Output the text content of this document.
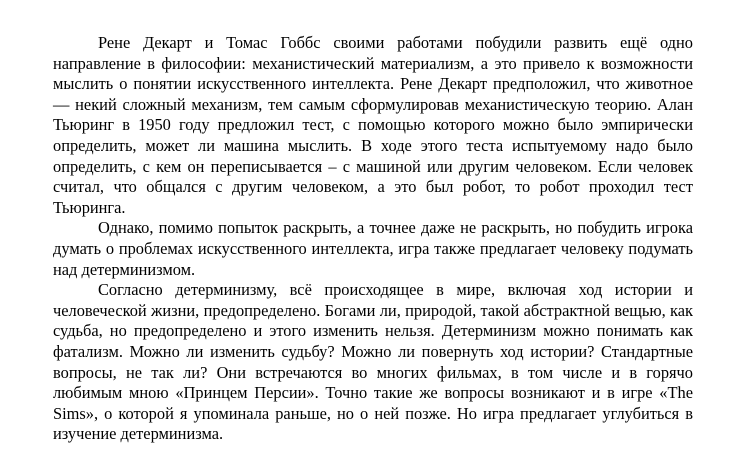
Рене Декарт и Томас Гоббс своими работами побудили развить ещё одно направление в философии: механистический материализм, а это привело к возможности мыслить о понятии искусственного интеллекта. Рене Декарт предположил, что животное — некий сложный механизм, тем самым сформулировав механистическую теорию. Алан Тьюринг в 1950 году предложил тест, с помощью которого можно было эмпирически определить, может ли машина мыслить. В ходе этого теста испытуемому надо было определить, с кем он переписывается – с машиной или другим человеком. Если человек считал, что общался с другим человеком, а это был робот, то робот проходил тест Тьюринга.

Однако, помимо попыток раскрыть, а точнее даже не раскрыть, но побудить игрока думать о проблемах искусственного интеллекта, игра также предлагает человеку подумать над детерминизмом.

Согласно детерминизму, всё происходящее в мире, включая ход истории и человеческой жизни, предопределено. Богами ли, природой, такой абстрактной вещью, как судьба, но предопределено и этого изменить нельзя. Детерминизм можно понимать как фатализм. Можно ли изменить судьбу? Можно ли повернуть ход истории? Стандартные вопросы, не так ли? Они встречаются во многих фильмах, в том числе и в горячо любимым мною «Принцем Персии». Точно такие же вопросы возникают и в игре «The Sims», о которой я упоминала раньше, но о ней позже. Но игра предлагает углубиться в изучение детерминизма.
